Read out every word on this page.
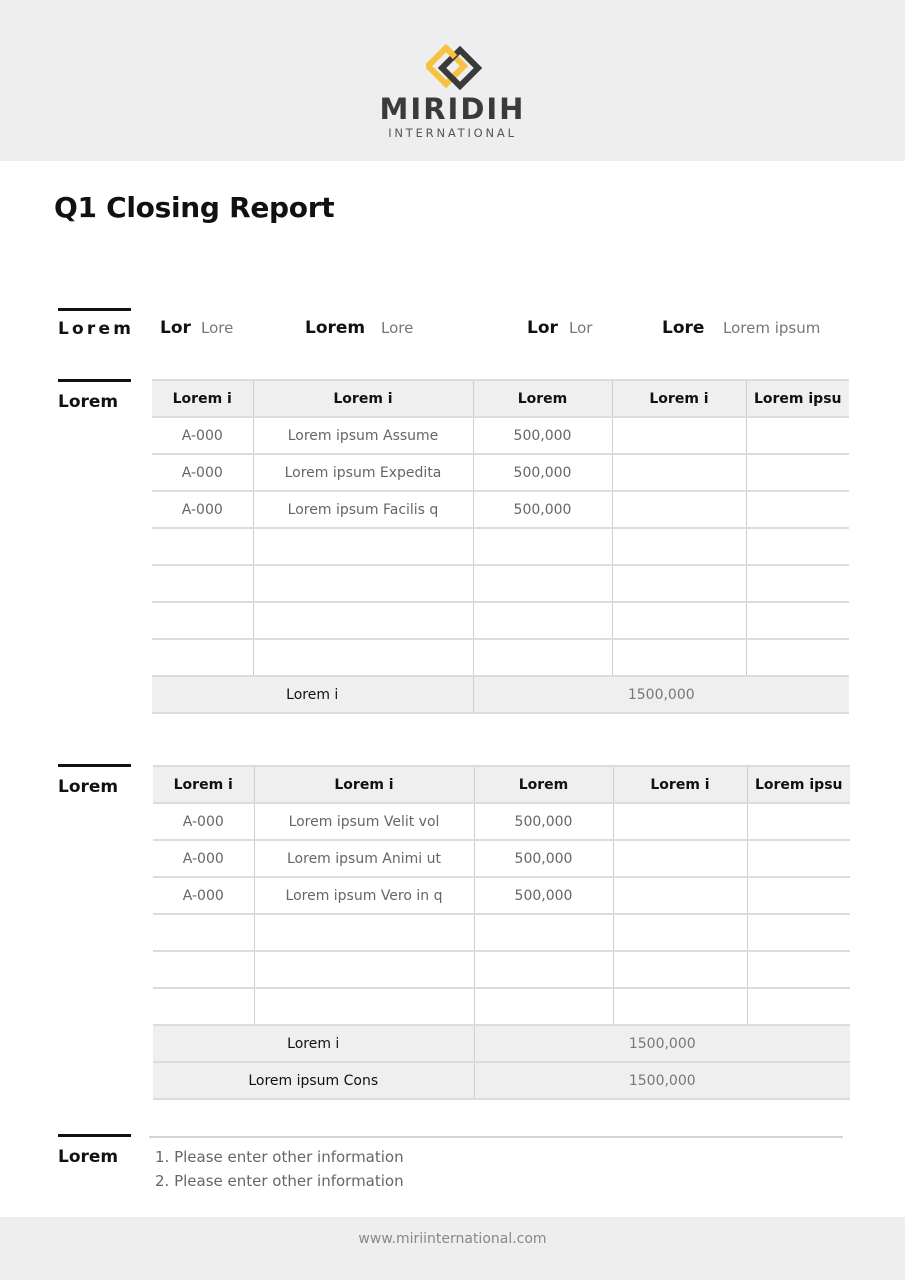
MIRIDIH
INTERNATIONAL
Q1 Closing Report
Lorem Lor Lore	Lorem Lore	Lor Lor	Lore Lorem ipsum
Lorem	Lorem i	Lorem i	Lorem	Lorem i	Lorem ipsu
A-000	Lorem ipsum Assume	500,000		
A-000	Lorem ipsum Expedita	500,000		
A-000	Lorem ipsum Facilis q	500,000		

Lorem i		1500,000		
Lorem	Lorem i	Lorem i	Lorem	Lorem i	Lorem ipsu
A-000	Lorem ipsum Velit vol	500,000		
A-000	Lorem ipsum Animi ut	500,000		
A-000	Lorem ipsum Vero in q	500,000		

Lorem i		1500,000		
Lorem ipsum Cons		1500,000		
Lorem 1. Please enter other information
2. Please enter other information
www.miriinternational.com
